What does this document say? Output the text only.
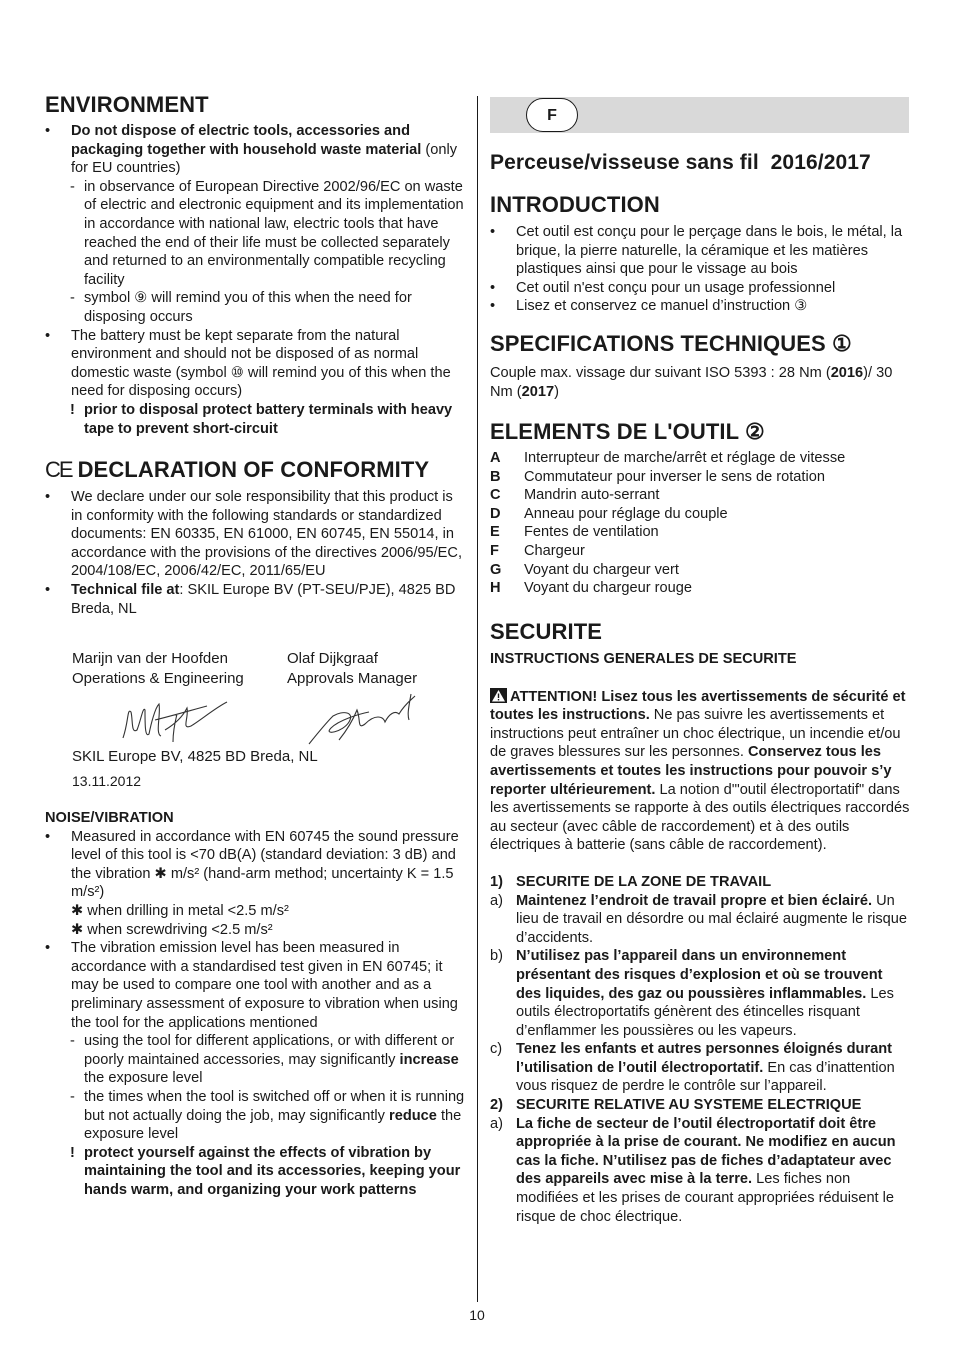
ENVIRONMENT

• Do not dispose of electric tools, accessories and packaging together with household waste material (only for EU countries)

- in observance of European Directive 2002/96/EC on waste of electric and electronic equipment and its implementation in accordance with national law, electric tools that have reached the end of their life must be collected separately and returned to an environmentally compatible recycling facility

- symbol ⑨ will remind you of this when the need for disposing occurs

• The battery must be kept separate from the natural environment and should not be disposed of as normal domestic waste (symbol ⑩ will remind you of this when the need for disposing occurs)

! prior to disposal protect battery terminals with heavy tape to prevent short-circuit

CE DECLARATION OF CONFORMITY

• We declare under our sole responsibility that this product is in conformity with the following standards or standardized documents: EN 60335, EN 61000, EN 60745, EN 55014, in accordance with the provisions of the directives 2006/95/EC, 2004/108/EC, 2006/42/EC, 2011/65/EU

• Technical file at: SKIL Europe BV (PT-SEU/PJE), 4825 BD Breda, NL

Marijn van der Hoofden
Operations & Engineering
Olaf Dijkgraaf
Approvals Manager
SKIL Europe BV, 4825 BD Breda, NL
13.11.2012
NOISE/VIBRATION

• Measured in accordance with EN 60745 the sound pressure level of this tool is <70 dB(A) (standard deviation: 3 dB) and the vibration ✱ m/s² (hand-arm method; uncertainty K = 1.5 m/s²)

✱ when drilling in metal <2.5 m/s²

✱ when screwdriving <2.5 m/s²

• The vibration emission level has been measured in accordance with a standardised test given in EN 60745; it may be used to compare one tool with another and as a preliminary assessment of exposure to vibration when using the tool for the applications mentioned

- using the tool for different applications, or with different or poorly maintained accessories, may significantly increase the exposure level

- the times when the tool is switched off or when it is running but not actually doing the job, may significantly reduce the exposure level

! protect yourself against the effects of vibration by maintaining the tool and its accessories, keeping your hands warm, and organizing your work patterns

F
Perceuse/visseuse sans fil  2016/2017
INTRODUCTION

• Cet outil est conçu pour le perçage dans le bois, le métal, la brique, la pierre naturelle, la céramique et les matières plastiques ainsi que pour le vissage au bois

• Cet outil n'est conçu pour un usage professionnel

• Lisez et conservez ce manuel d’instruction ③

SPECIFICATIONS TECHNIQUES ①

Couple max. vissage dur suivant ISO 5393 : 28 Nm (2016)/ 30 Nm (2017)

ELEMENTS DE L'OUTIL ②
A	Interrupteur de marche/arrêt et réglage de vitesse
B	Commutateur pour inverser le sens de rotation
C	Mandrin auto-serrant
D	Anneau pour réglage du couple
E	Fentes de ventilation
F	Chargeur
G	Voyant du chargeur vert
H	Voyant du chargeur rouge
SECURITE
INSTRUCTIONS GENERALES DE SECURITE

ATTENTION! Lisez tous les avertissements de sécurité et toutes les instructions. Ne pas suivre les avertissements et instructions peut entraîner un choc électrique, un incendie et/ou de graves blessures sur les personnes. Conservez tous les avertissements et toutes les instructions pour pouvoir s’y reporter ultérieurement. La notion d'"outil électroportatif" dans les avertissements se rapporte à des outils électriques raccordés au secteur (avec câble de raccordement) et à des outils électriques à batterie (sans câble de raccordement).

1) SECURITE DE LA ZONE DE TRAVAIL

a) Maintenez l’endroit de travail propre et bien éclairé. Un lieu de travail en désordre ou mal éclairé augmente le risque d’accidents.

b) N’utilisez pas l’appareil dans un environnement présentant des risques d’explosion et où se trouvent des liquides, des gaz ou poussières inflammables. Les outils électroportatifs génèrent des étincelles risquant d’enflammer les poussières ou les vapeurs.

c) Tenez les enfants et autres personnes éloignés durant l’utilisation de l’outil électroportatif. En cas d’inattention vous risquez de perdre le contrôle sur l’appareil.

2) SECURITE RELATIVE AU SYSTEME ELECTRIQUE

a) La fiche de secteur de l’outil électroportatif doit être appropriée à la prise de courant. Ne modifiez en aucun cas la fiche. N’utilisez pas de fiches d’adaptateur avec des appareils avec mise à la terre. Les fiches non modifiées et les prises de courant appropriées réduisent le risque de choc électrique.

10
